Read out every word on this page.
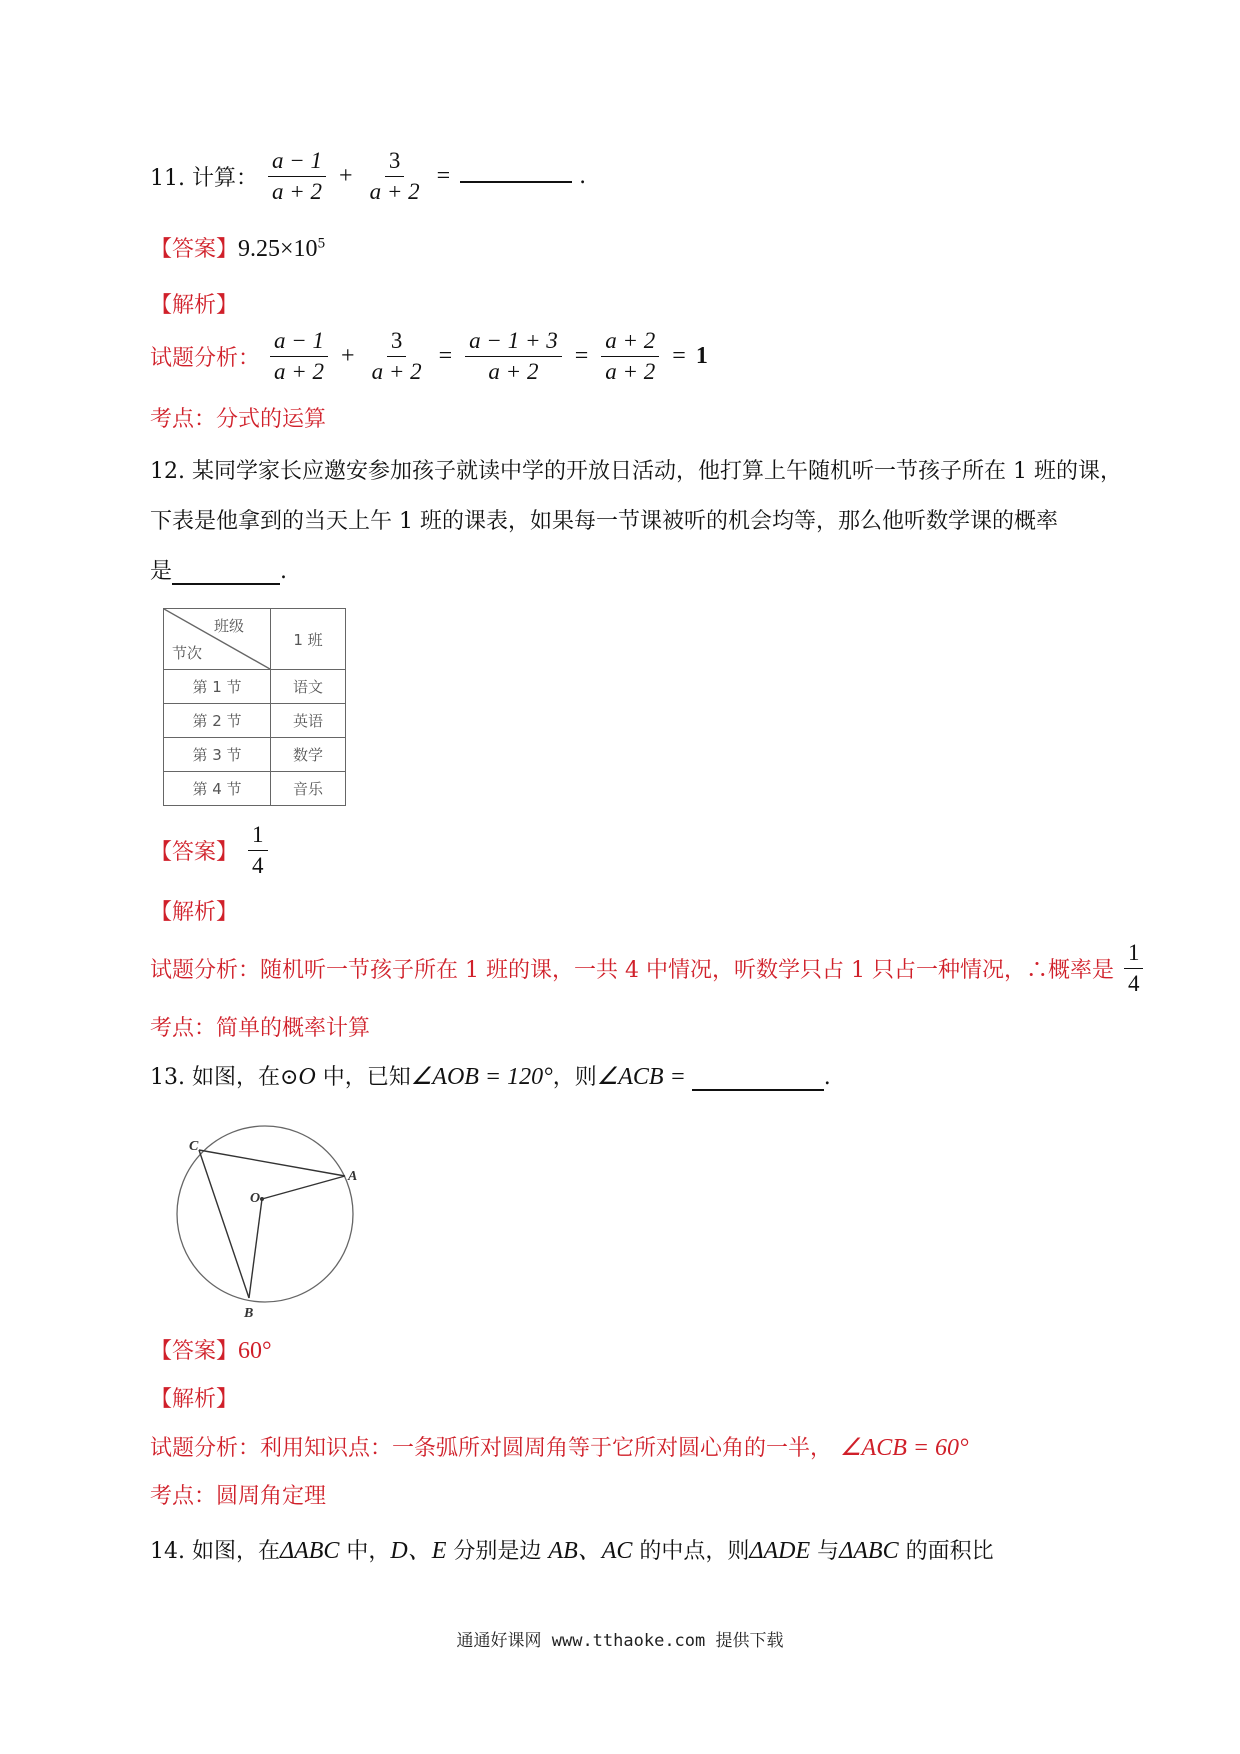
11. 计算： $\frac{a - 1}{a + 2} + \frac{3}{a + 2}$ =	.
【答案】$9.25\times 10^5$
【解析】
试题分析： $\frac{a - 1}{a + 2} + \frac{3}{a + 2} = \frac{a - 1 + 3}{a + 2} = \frac{a + 2}{a + 2} = 1$
考点：分式的运算
12. 某同学家长应邀安参加孩子就读中学的开放日活动，他打算上午随机听一节孩子所在 1 班的课，
下表是他拿到的当天上午 1 班的课表，如果每一节课被听的机会均等，那么他听数学课的概率
是	.
班级
节次	1 班
第 1 节	语文
第 2 节	英语
第 3 节	数学
第 4 节	音乐
【答案】 $\frac{1}{4}$
【解析】
试题分析：随机听一节孩子所在 1 班的课，一共 4 中情况，听数学只占 1 只占一种情况，∴概率是 $\frac{1}{4}$
考点：简单的概率计算
13. 如图，在⊙O 中，已知∠AOB = 120°，则∠ACB =	.
C
A
O
B
【答案】60°
【解析】
试题分析：利用知识点：一条弧所对圆周角等于它所对圆心角的一半， ∠ACB = 60°
考点：圆周角定理
14. 如图，在ΔABC 中，D、E 分别是边 AB、AC 的中点，则ΔADE 与ΔABC 的面积比
通通好课网 www.tthaoke.com 提供下载
